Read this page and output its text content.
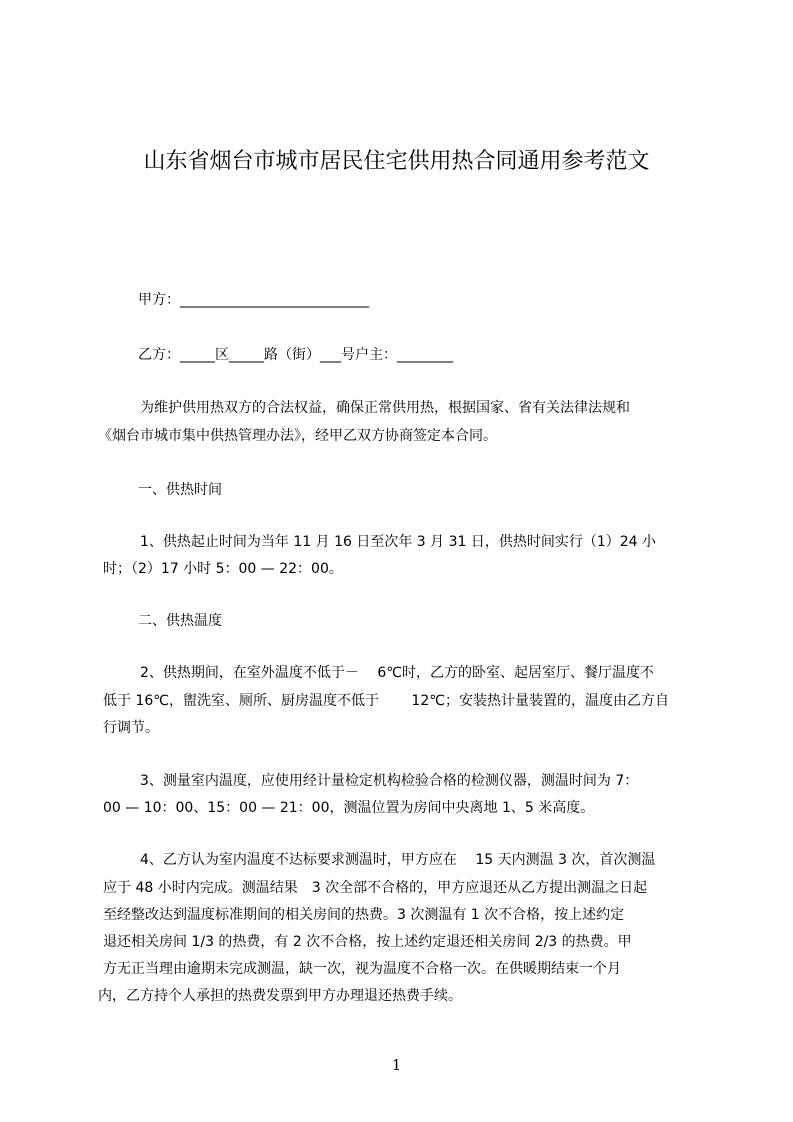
山东省烟台市城市居民住宅供用热合同通用参考范文
甲方：___________________________
乙方：_____区_____路（街）___号户主：________
为维护供用热双方的合法权益，确保正常供用热，根据国家、省有关法律法规和
《烟台市城市集中供热管理办法》，经甲乙双方协商签定本合同。
一、供热时间
1、供热起止时间为当年 11 月 16 日至次年 3 月 31 日，供热时间实行（1）24 小
时；（2）17 小时 5：00 — 22：00。
二、供热温度
2、供热期间，在室外温度不低于－　 6℃时，乙方的卧室、起居室厅、餐厅温度不
低于 16℃，盥洗室、厕所、厨房温度不低于　　 12℃；安装热计量装置的，温度由乙方自
行调节。
3、测量室内温度，应使用经计量检定机构检验合格的检测仪器，测温时间为 7：
00 — 10：00、15：00 — 21：00，测温位置为房间中央离地 1、5 米高度。
4、乙方认为室内温度不达标要求测温时，甲方应在　 15 天内测温 3 次，首次测温
应于 48 小时内完成。测温结果　3 次全部不合格的，甲方应退还从乙方提出测温之日起
至经整改达到温度标准期间的相关房间的热费。3 次测温有 1 次不合格，按上述约定
退还相关房间 1/3 的热费，有 2 次不合格，按上述约定退还相关房间 2/3 的热费。甲
方无正当理由逾期未完成测温，缺一次，视为温度不合格一次。在供暖期结束一个月
内，乙方持个人承担的热费发票到甲方办理退还热费手续。
1
